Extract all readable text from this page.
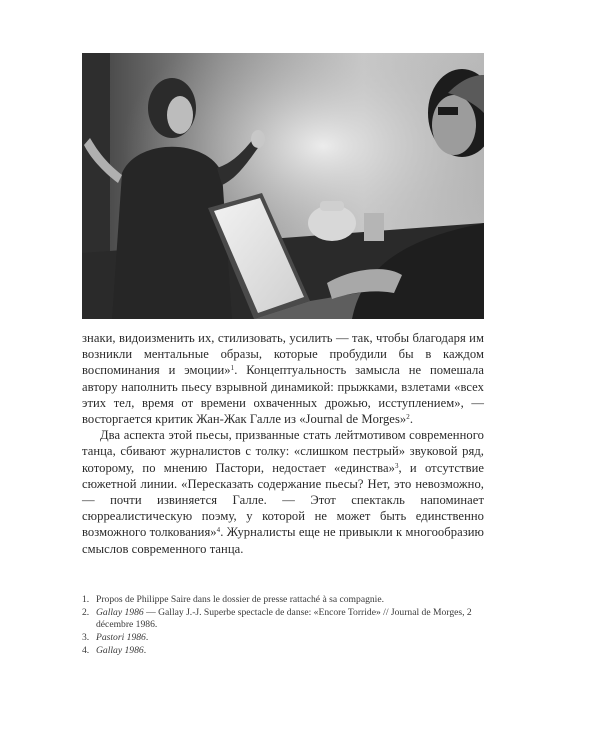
знаки, видоизменить их, стилизовать, усилить — так, чтобы благодаря им возникли ментальные образы, которые пробудили бы в каждом воспоминания и эмоции»$^1$. Концептуальность замысла не помешала автору наполнить пьесу взрывной динамикой: прыжками, взлетами «всех этих тел, время от времени охваченных дрожью, исступлением», — восторгается критик Жан-Жак Галле из «Journal de Morges»$^2$.

Два аспекта этой пьесы, призванные стать лейтмотивом современного танца, сбивают журналистов с толку: «слишком пестрый» звуковой ряд, которому, по мнению Пастори, недостает «единства»$^3$, и отсутствие сюжетной линии. «Пересказать содержание пьесы? Нет, это невозможно, — почти извиняется Галле. — Этот спектакль напоминает сюрреалистическую поэму, у которой не может быть единственно возможного толкования»$^4$. Журналисты еще не привыкли к многообразию смыслов современного танца.

1. Propos de Philippe Saire dans le dossier de presse rattaché à sa compagnie.
2. Gallay 1986 — Gallay J.-J. Superbe spectacle de danse: «Encore Torride» // Journal de Morges, 2 décembre 1986.
3. Pastori 1986.
4. Gallay 1986.
